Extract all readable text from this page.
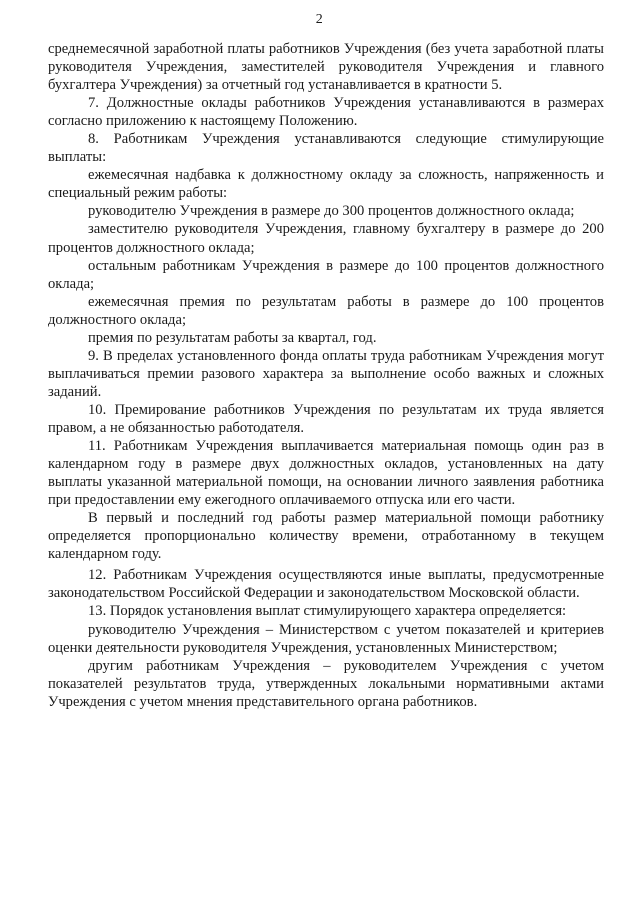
2

среднемесячной заработной платы работников Учреждения (без учета заработной платы руководителя Учреждения, заместителей руководителя Учреждения и главного бухгалтера Учреждения) за отчетный год устанавливается в кратности 5.

7. Должностные оклады работников Учреждения устанавливаются в размерах согласно приложению к настоящему Положению.

8. Работникам Учреждения устанавливаются следующие стимулирующие выплаты:

ежемесячная надбавка к должностному окладу за сложность, напряженность и специальный режим работы:

руководителю Учреждения в размере до 300 процентов должностного оклада;

заместителю руководителя Учреждения, главному бухгалтеру в размере до 200 процентов должностного оклада;

остальным работникам Учреждения в размере до 100 процентов должностного оклада;

ежемесячная премия по результатам работы в размере до 100 процентов должностного оклада;

премия по результатам работы за квартал, год.

9. В пределах установленного фонда оплаты труда работникам Учреждения могут выплачиваться премии разового характера за выполнение особо важных и сложных заданий.

10. Премирование работников Учреждения по результатам их труда является правом, а не обязанностью работодателя.

11. Работникам Учреждения выплачивается материальная помощь один раз в календарном году в размере двух должностных окладов, установленных на дату выплаты указанной материальной помощи, на основании личного заявления работника при предоставлении ему ежегодного оплачиваемого отпуска или его части.

В первый и последний год работы размер материальной помощи работнику определяется пропорционально количеству времени, отработанному в текущем календарном году.

12. Работникам Учреждения осуществляются иные выплаты, предусмотренные законодательством Российской Федерации и законодательством Московской области.

13. Порядок установления выплат стимулирующего характера определяется:

руководителю Учреждения – Министерством с учетом показателей и критериев оценки деятельности руководителя Учреждения, установленных Министерством;

другим работникам Учреждения – руководителем Учреждения с учетом показателей результатов труда, утвержденных локальными нормативными актами Учреждения с учетом мнения представительного органа работников.
